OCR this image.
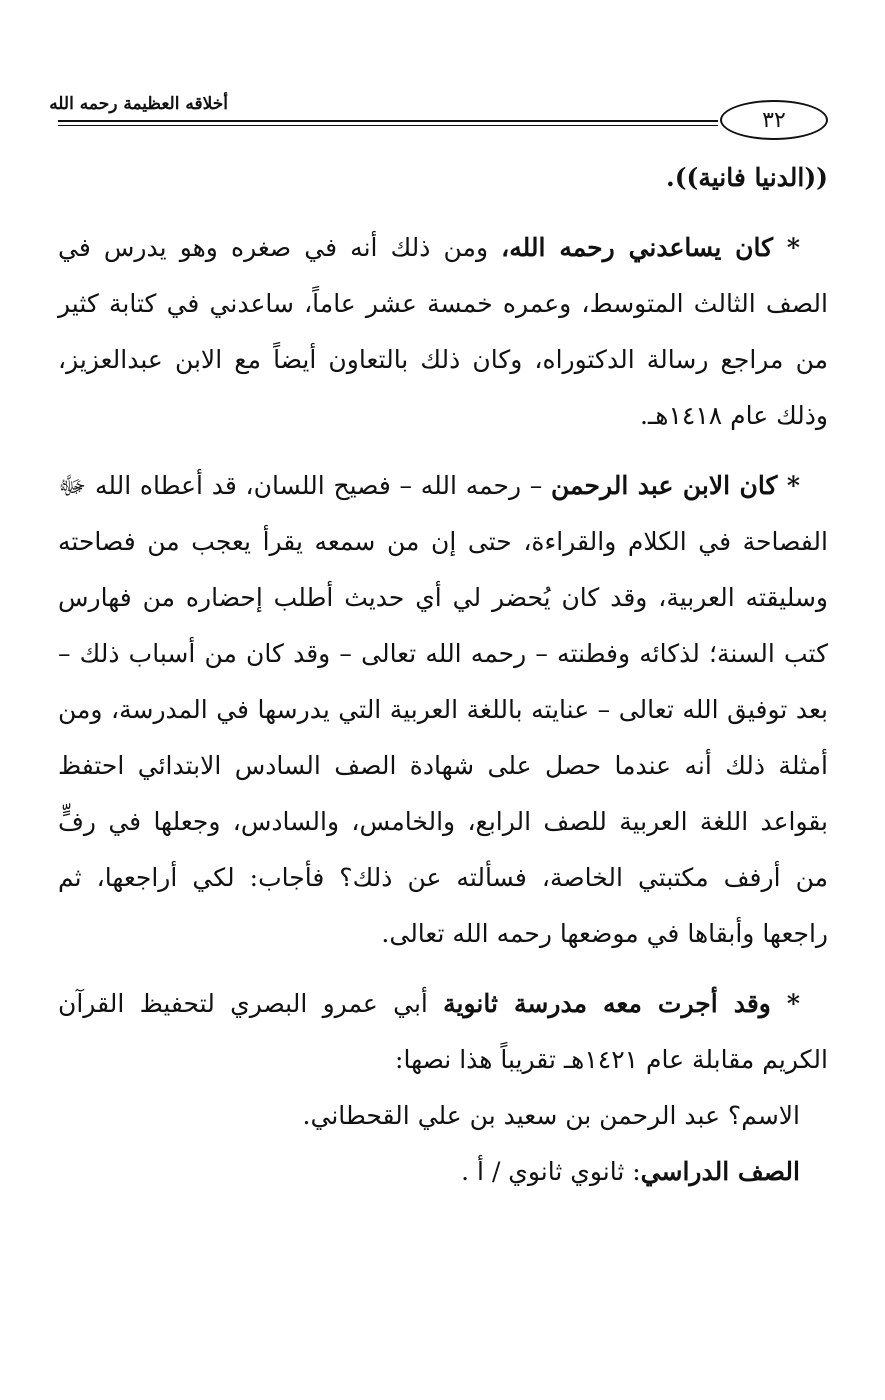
أخلاقه العظيمة رحمه الله
٣٢

((الدنيا فانية)).

* كان يساعدني رحمه الله، ومن ذلك أنه في صغره وهو يدرس في الصف الثالث المتوسط، وعمره خمسة عشر عاماً، ساعدني في كتابة كثير من مراجع رسالة الدكتوراه، وكان ذلك بالتعاون أيضاً مع الابن عبدالعزيز، وذلك عام ١٤١٨هـ.

* كان الابن عبد الرحمن – رحمه الله – فصيح اللسان، قد أعطاه الله ﷻ الفصاحة في الكلام والقراءة، حتى إن من سمعه يقرأ يعجب من فصاحته وسليقته العربية، وقد كان يُحضر لي أي حديث أطلب إحضاره من فهارس كتب السنة؛ لذكائه وفطنته – رحمه الله تعالى – وقد كان من أسباب ذلك – بعد توفيق الله تعالى – عنايته باللغة العربية التي يدرسها في المدرسة، ومن أمثلة ذلك أنه عندما حصل على شهادة الصف السادس الابتدائي احتفظ بقواعد اللغة العربية للصف الرابع، والخامس، والسادس، وجعلها في رفٍّ من أرفف مكتبتي الخاصة، فسألته عن ذلك؟ فأجاب: لكي أراجعها، ثم راجعها وأبقاها في موضعها رحمه الله تعالى.

* وقد أجرت معه مدرسة ثانوية أبي عمرو البصري لتحفيظ القرآن الكريم مقابلة عام ١٤٢١هـ تقريباً هذا نصها:

الاسم؟ عبد الرحمن بن سعيد بن علي القحطاني.

الصف الدراسي: ثانوي ثانوي / أ .
